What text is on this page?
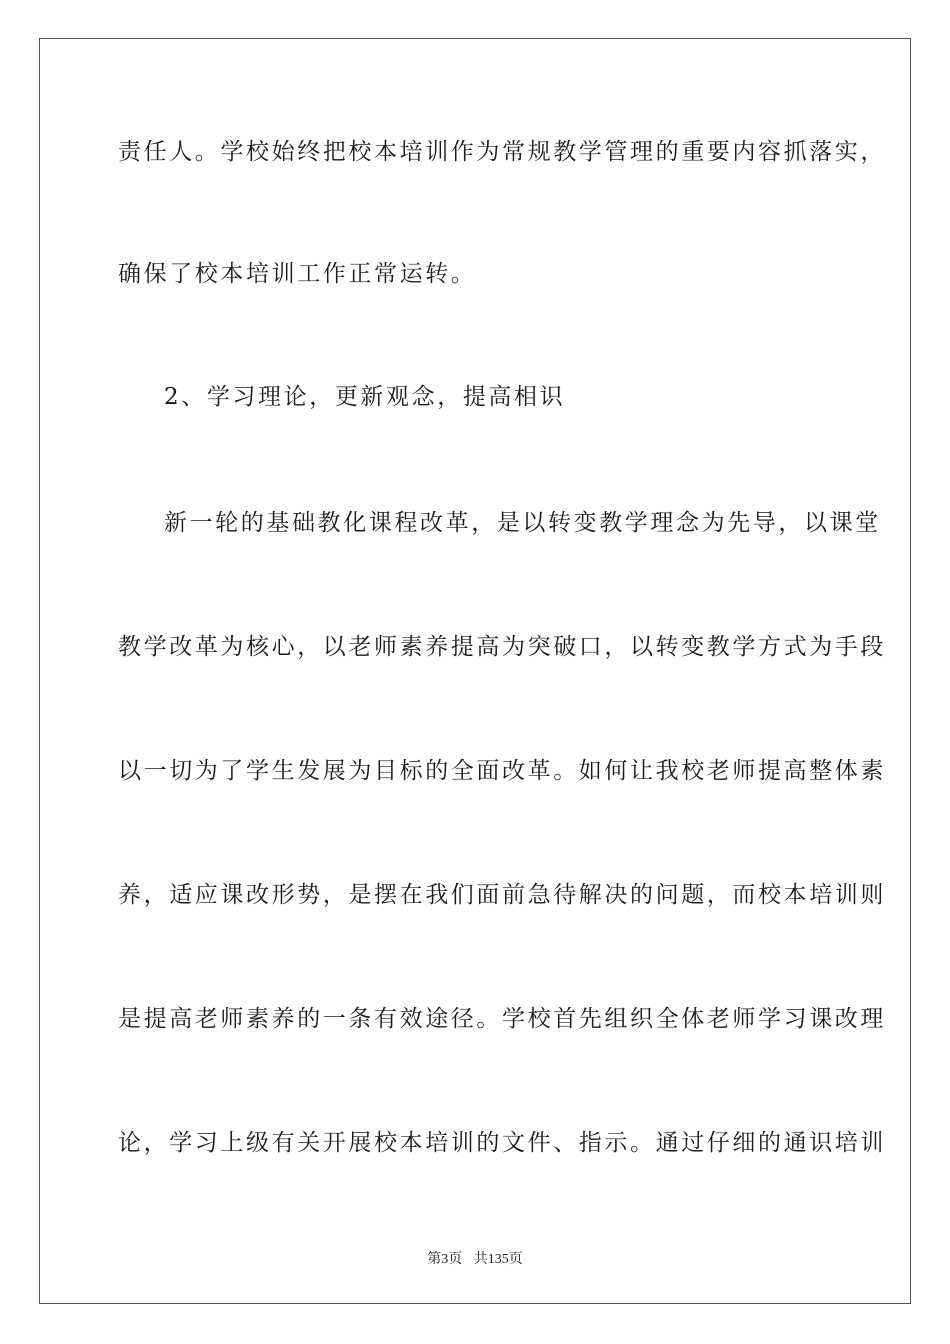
责任人。学校始终把校本培训作为常规教学管理的重要内容抓落实，
确保了校本培训工作正常运转。
2、学习理论，更新观念，提高相识
新一轮的基础教化课程改革，是以转变教学理念为先导，以课堂
教学改革为核心，以老师素养提高为突破口，以转变教学方式为手段
以一切为了学生发展为目标的全面改革。如何让我校老师提高整体素
养，适应课改形势，是摆在我们面前急待解决的问题，而校本培训则
是提高老师素养的一条有效途径。学校首先组织全体老师学习课改理
论，学习上级有关开展校本培训的文件、指示。通过仔细的通识培训
第3页 共135页
